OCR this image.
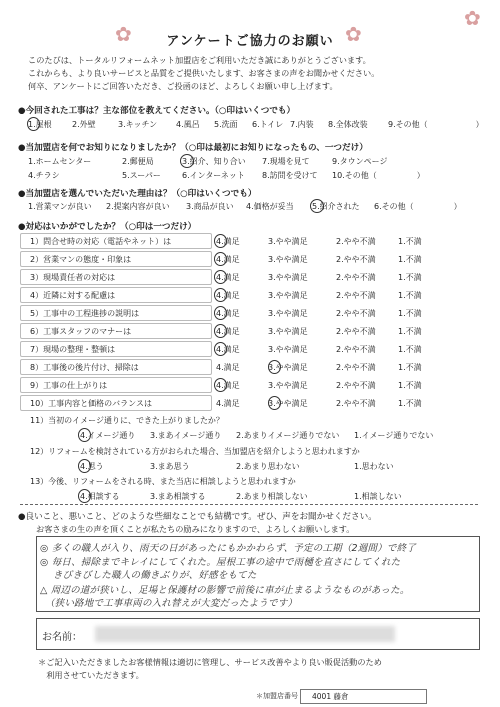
✿	✿
✿
アンケートご協力のお願い
このたびは、トータルリフォームネット加盟店をご利用いただき誠にありがとうございます。
これからも、より良いサービスと品質をご提供いたします、お客さまの声をお聞かせください。
何卒、アンケートにご回答いただき、ご投函のほど、よろしくお願い申し上げます。
●今回された工事は？主な部位を教えてください。（○印はいくつでも）
1.屋根	2.外壁	3.キッチン 4.風呂 5.洗面 6.トイレ 7.内装 8.全体改装	9.その他（　　　　　　）
●当加盟店を何でお知りになりましたか？（○印は最初にお知りになったもの、一つだけ）
1.ホームセンター	2.郵便局	3.紹介、知り合い 7.現場を見て	9.タウンページ
4.チラシ	5.スーパー	6.インターネット 8.訪問を受けて 10.その他（　　　　　）
●当加盟店を選んでいただいた理由は？（○印はいくつでも）
1.営業マンが良い 2.提案内容が良い 3.商品が良い 4.価格が妥当 5.紹介された 6.その他（　　　　　）
●対応はいかがでしたか？（○印は一つだけ）
1）問合せ時の対応（電話やネット）は	4.満足	3.やや満足	2.やや不満	1.不満
2）営業マンの態度・印象は	4.満足	3.やや満足	2.やや不満	1.不満
3）現場責任者の対応は	4.満足	3.やや満足	2.やや不満	1.不満
4）近隣に対する配慮は	4.満足	3.やや満足	2.やや不満	1.不満
5）工事中の工程進捗の説明は	4.満足	3.やや満足	2.やや不満	1.不満
6）工事スタッフのマナーは	4.満足	3.やや満足	2.やや不満	1.不満
7）現場の整理・整頓は	4.満足	3.やや満足	2.やや不満	1.不満
8）工事後の後片付け、掃除は	4.満足	3.やや満足	2.やや不満	1.不満
9）工事の仕上がりは	4.満足	3.やや満足	2.やや不満	1.不満
10）工事内容と価格のバランスは	4.満足	3.やや満足	2.やや不満	1.不満
11）当初のイメージ通りに、できた上がりましたか？
4.イメージ通り 3.まあイメージ通り 2.あまりイメージ通りでない 1.イメージ通りでない
12）リフォームを検討されている方がおられた場合、当加盟店を紹介しようと思われますか
4.思う	3.まあ思う	2.あまり思わない	1.思わない
13）今後、リフォームをされる時、また当店に相談しようと思われますか
4.相談する	3.まあ相談する	2.あまり相談しない	1.相談しない
●良いこと、悪いこと、どのような些細なことでも結構です。ぜひ、声をお聞かせください。
お客さまの生の声を頂くことが私たちの励みになりますので、よろしくお願いします。
◎ 多くの職人が入り、雨天の日があったにもかかわらず、予定の工期（2週間）で終了
◎ 毎日、掃除までキレイにしてくれた。屋根工事の途中で雨樋を直さにしてくれた
　 きびきびした職人の働きぶりが、好感をもてた
△ 周辺の道が狭いし、足場と保護材の影響で前後に車が止まるようなものがあった。
　（狭い路地で工事車両の入れ替えが大変だったようです）
お名前：
＊ご記入いただきましたお客様情報は適切に管理し、サービス改善やより良い販促活動のため
　利用させていただきます。
＊加盟店番号 4001 藤倉
